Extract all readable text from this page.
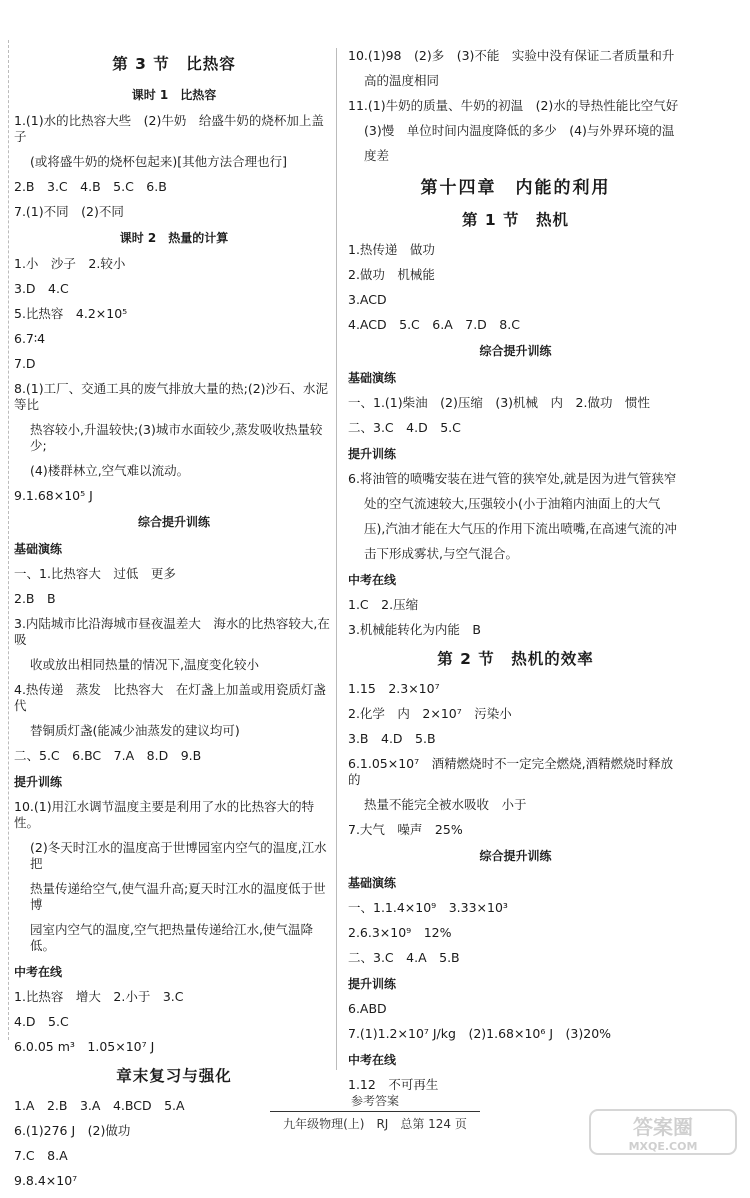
第 3 节　比热容
课时 1　比热容
1.(1)水的比热容大些　(2)牛奶　给盛牛奶的烧杯加上盖子
(或将盛牛奶的烧杯包起来)[其他方法合理也行]
2.B　3.C　4.B　5.C　6.B
7.(1)不同　(2)不同
课时 2　热量的计算
1.小　沙子　2.较小
3.D　4.C
5.比热容　4.2×10⁵
6.7∶4
7.D
8.(1)工厂、交通工具的废气排放大量的热;(2)沙石、水泥等比
热容较小,升温较快;(3)城市水面较少,蒸发吸收热量较少;
(4)楼群林立,空气难以流动。
9.1.68×10⁵ J
综合提升训练
基础演练
一、1.比热容大　过低　更多
2.B　B
3.内陆城市比沿海城市昼夜温差大　海水的比热容较大,在吸
收或放出相同热量的情况下,温度变化较小
4.热传递　蒸发　比热容大　在灯盏上加盖或用瓷质灯盏代
替铜质灯盏(能减少油蒸发的建议均可)
二、5.C　6.BC　7.A　8.D　9.B
提升训练
10.(1)用江水调节温度主要是利用了水的比热容大的特性。
(2)冬天时江水的温度高于世博园室内空气的温度,江水把
热量传递给空气,使气温升高;夏天时江水的温度低于世博
园室内空气的温度,空气把热量传递给江水,使气温降低。
中考在线
1.比热容　增大　2.小于　3.C
4.D　5.C
6.0.05 m³　1.05×10⁷ J
章末复习与强化
1.A　2.B　3.A　4.BCD　5.A
6.(1)276 J　(2)做功
7.C　8.A
9.8.4×10⁷
10.(1)98　(2)多　(3)不能　实验中没有保证二者质量和升
高的温度相同
11.(1)牛奶的质量、牛奶的初温　(2)水的导热性能比空气好
(3)慢　单位时间内温度降低的多少　(4)与外界环境的温
度差
第十四章　内能的利用
第 1 节　热机
1.热传递　做功
2.做功　机械能
3.ACD
4.ACD　5.C　6.A　7.D　8.C
综合提升训练
基础演练
一、1.(1)柴油　(2)压缩　(3)机械　内　2.做功　惯性
二、3.C　4.D　5.C
提升训练
6.将油管的喷嘴安装在进气管的狭窄处,就是因为进气管狭窄
处的空气流速较大,压强较小(小于油箱内油面上的大气
压),汽油才能在大气压的作用下流出喷嘴,在高速气流的冲
击下形成雾状,与空气混合。
中考在线
1.C　2.压缩
3.机械能转化为内能　B
第 2 节　热机的效率
1.15　2.3×10⁷
2.化学　内　2×10⁷　污染小
3.B　4.D　5.B
6.1.05×10⁷　酒精燃烧时不一定完全燃烧,酒精燃烧时释放的
热量不能完全被水吸收　小于
7.大气　噪声　25%
综合提升训练
基础演练
一、1.1.4×10⁹　3.33×10³
2.6.3×10⁹　12%
二、3.C　4.A　5.B
提升训练
6.ABD
7.(1)1.2×10⁷ J/kg　(2)1.68×10⁶ J　(3)20%
中考在线
1.12　不可再生
参考答案
九年级物理(上)　RJ　总第 124 页	答案圈
MXQE.COM
